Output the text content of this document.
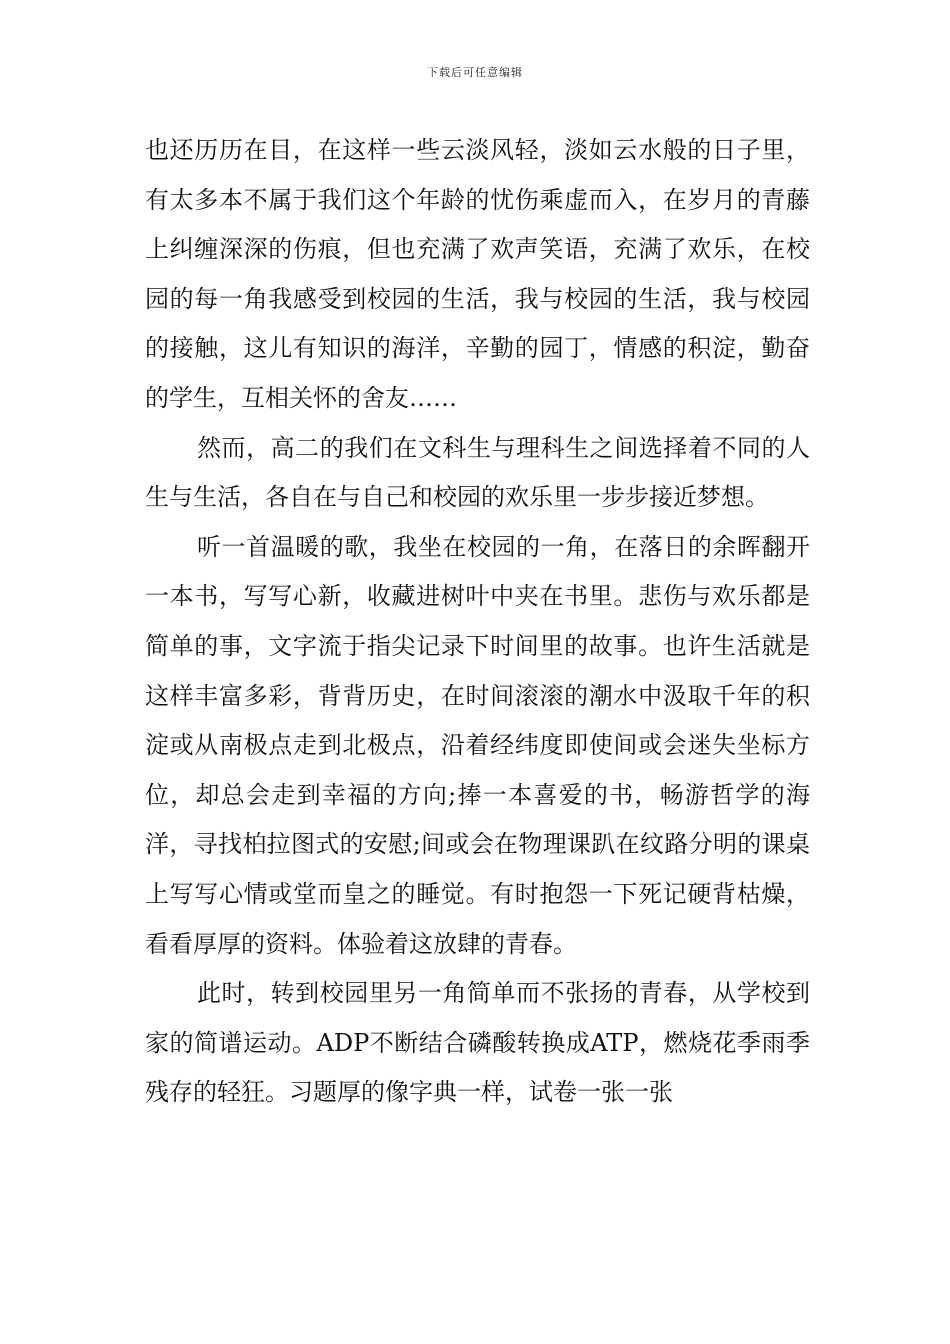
下载后可任意编辑

也还历历在目，在这样一些云淡风轻，淡如云水般的日子里，有太多本不属于我们这个年龄的忧伤乘虚而入，在岁月的青藤上纠缠深深的伤痕，但也充满了欢声笑语，充满了欢乐，在校园的每一角我感受到校园的生活，我与校园的生活，我与校园的接触，这儿有知识的海洋，辛勤的园丁，情感的积淀，勤奋的学生，互相关怀的舍友……

然而，高二的我们在文科生与理科生之间选择着不同的人生与生活，各自在与自己和校园的欢乐里一步步接近梦想。

听一首温暖的歌，我坐在校园的一角，在落日的余晖翻开一本书，写写心新，收藏进树叶中夹在书里。悲伤与欢乐都是简单的事，文字流于指尖记录下时间里的故事。也许生活就是这样丰富多彩，背背历史，在时间滚滚的潮水中汲取千年的积淀或从南极点走到北极点，沿着经纬度即使间或会迷失坐标方位，却总会走到幸福的方向;捧一本喜爱的书，畅游哲学的海洋，寻找柏拉图式的安慰;间或会在物理课趴在纹路分明的课桌上写写心情或堂而皇之的睡觉。有时抱怨一下死记硬背枯燥，看看厚厚的资料。体验着这放肆的青春。

此时，转到校园里另一角简单而不张扬的青春，从学校到家的简谱运动。ADP不断结合磷酸转换成ATP，燃烧花季雨季残存的轻狂。习题厚的像字典一样，试卷一张一张
